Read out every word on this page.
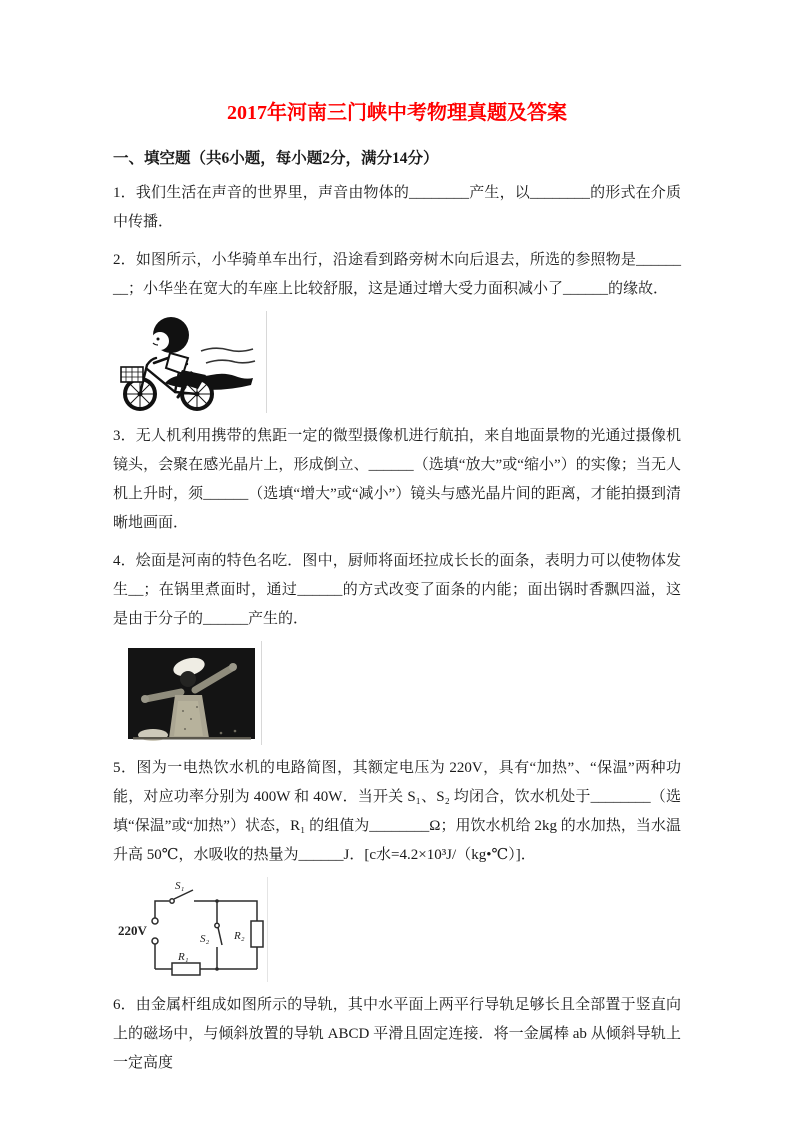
2017年河南三门峡中考物理真题及答案
一、填空题（共6小题，每小题2分，满分14分）

1．我们生活在声音的世界里，声音由物体的________产生，以________的形式在介质中传播．

2．如图所示，小华骑单车出行，沿途看到路旁树木向后退去，所选的参照物是________；小华坐在宽大的车座上比较舒服，这是通过增大受力面积减小了______的缘故．

3．无人机利用携带的焦距一定的微型摄像机进行航拍，来自地面景物的光通过摄像机镜头，会聚在感光晶片上，形成倒立、______（选填“放大”或“缩小”）的实像；当无人机上升时，须______（选填“增大”或“减小”）镜头与感光晶片间的距离，才能拍摄到清晰地画面．

4．烩面是河南的特色名吃．图中，厨师将面坯拉成长长的面条，表明力可以使物体发生__；在锅里煮面时，通过______的方式改变了面条的内能；面出锅时香飘四溢，这是由于分子的______产生的．

5．图为一电热饮水机的电路简图，其额定电压为 220V，具有“加热”、“保温”两种功能，对应功率分别为 400W 和 40W．当开关 S₁、S₂ 均闭合，饮水机处于________（选填“保温”或“加热”）状态，R₁ 的组值为________Ω；用饮水机给 2kg 的水加热，当水温升高 50℃，水吸收的热量为______J．[c水=4.2×10³J/（kg•℃）]．

S₁
220V
S₂ R₂
R₁

6．由金属杆组成如图所示的导轨，其中水平面上两平行导轨足够长且全部置于竖直向上的磁场中，与倾斜放置的导轨 ABCD 平滑且固定连接．将一金属棒 ab 从倾斜导轨上一定高度
